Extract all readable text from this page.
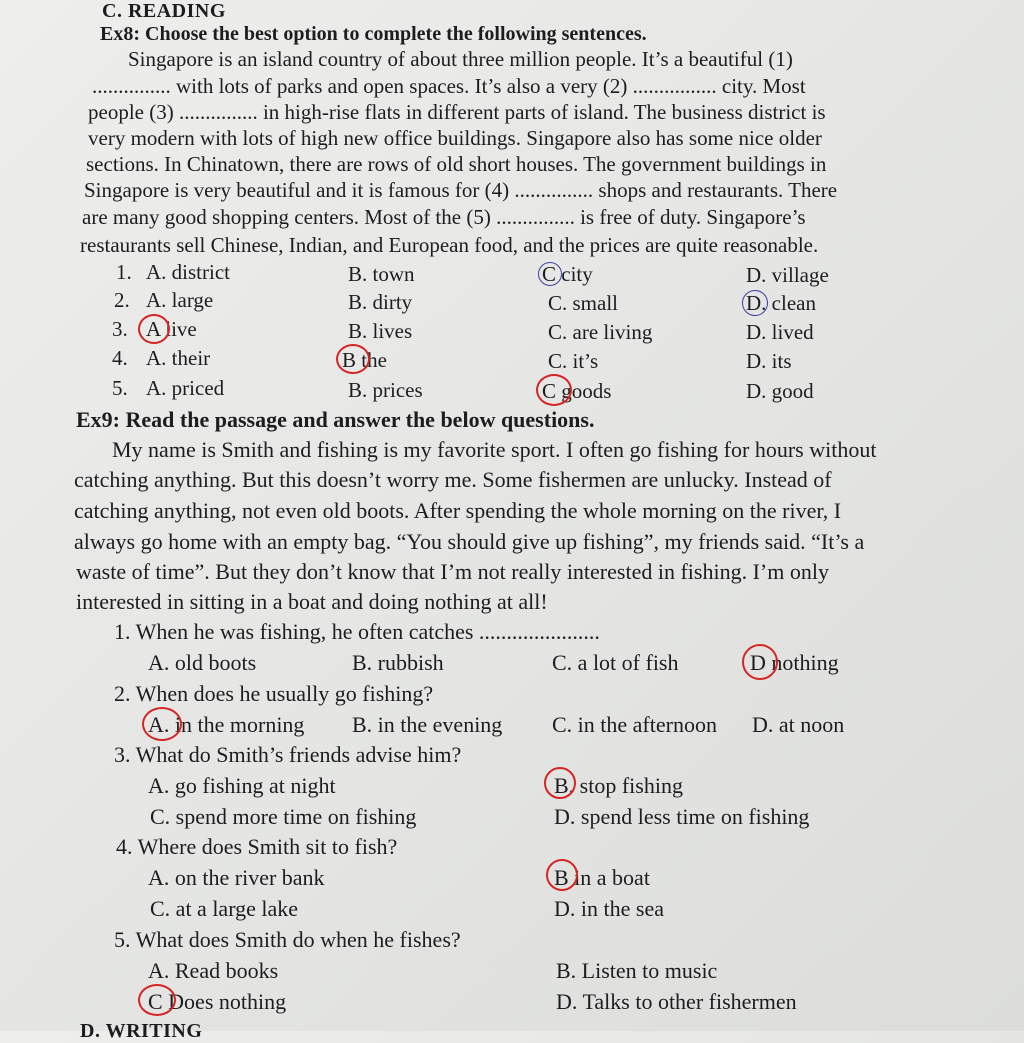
C. READING
Ex8: Choose the best option to complete the following sentences.
Singapore is an island country of about three million people. It’s a beautiful (1)
............... with lots of parks and open spaces. It’s also a very (2) ................ city. Most
people (3) ............... in high-rise flats in different parts of island. The business district is
very modern with lots of high new office buildings. Singapore also has some nice older
sections. In Chinatown, there are rows of old short houses. The government buildings in
Singapore is very beautiful and it is famous for (4) ............... shops and restaurants. There
are many good shopping centers. Most of the (5) ............... is free of duty. Singapore’s
restaurants sell Chinese, Indian, and European food, and the prices are quite reasonable.
1. A. district	B. town	C city	D. village
2. A. large	B. dirty	C. small	D. clean
3. A live	B. lives	C. are living	D. lived
4. A. their	B the	C. it’s	D. its
5. A. priced	B. prices	C goods	D. good
Ex9: Read the passage and answer the below questions.
My name is Smith and fishing is my favorite sport. I often go fishing for hours without
catching anything. But this doesn’t worry me. Some fishermen are unlucky. Instead of
catching anything, not even old boots. After spending the whole morning on the river, I
always go home with an empty bag. “You should give up fishing”, my friends said. “It’s a
waste of time”. But they don’t know that I’m not really interested in fishing. I’m only
interested in sitting in a boat and doing nothing at all!
1. When he was fishing, he often catches ......................
A. old boots	B. rubbish	C. a lot of fish	D nothing
2. When does he usually go fishing?
A. in the morning B. in the evening C. in the afternoon D. at noon
3. What do Smith’s friends advise him?
A. go fishing at night	B. stop fishing
C. spend more time on fishing	D. spend less time on fishing
4. Where does Smith sit to fish?
A. on the river bank	B in a boat
C. at a large lake	D. in the sea
5. What does Smith do when he fishes?
A. Read books	B. Listen to music
C Does nothing	D. Talks to other fishermen
D. WRITING
